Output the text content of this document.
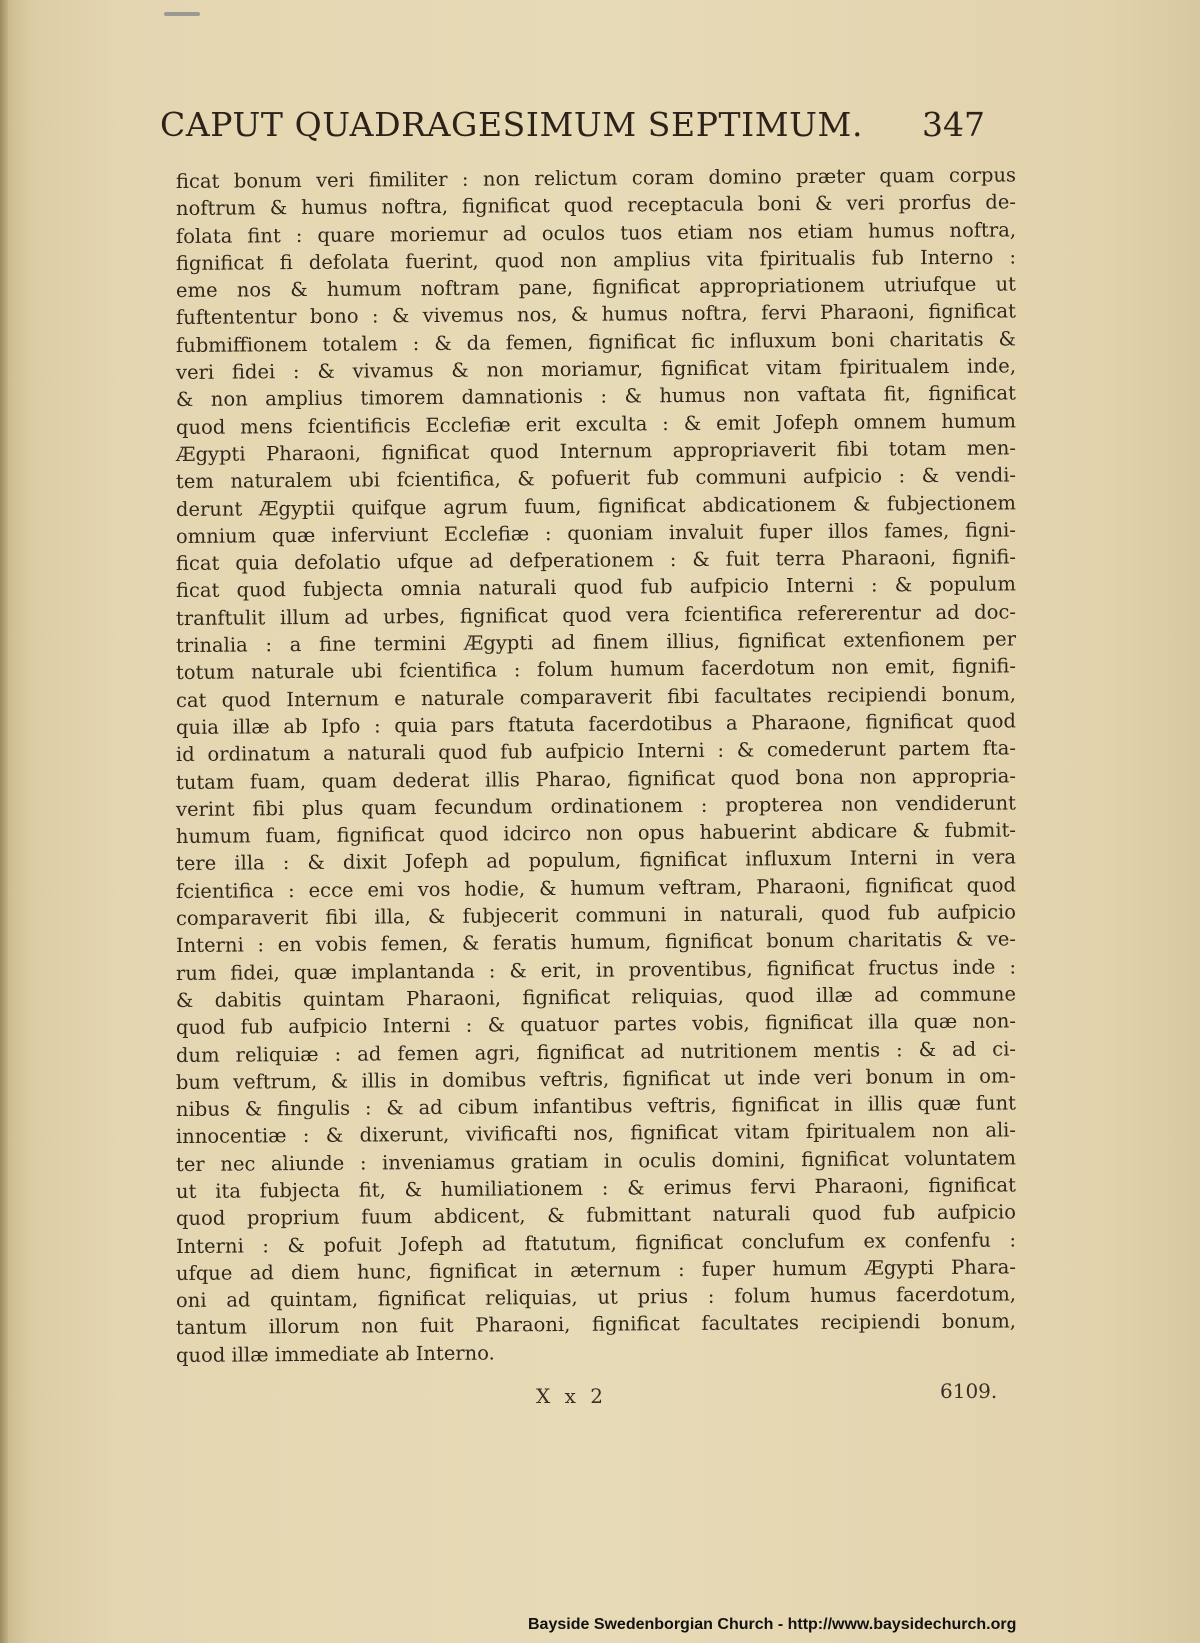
CAPUT QUADRAGESIMUM SEPTIMUM. 347
ficat bonum veri fimiliter : non relictum coram domino præter quam corpus
noftrum & humus noftra, fignificat quod receptacula boni & veri prorfus de-
folata fint : quare moriemur ad oculos tuos etiam nos etiam humus noftra,
fignificat fi defolata fuerint, quod non amplius vita fpiritualis fub Interno :
eme nos & humum noftram pane, fignificat appropriationem utriufque ut
fuftententur bono : & vivemus nos, & humus noftra, fervi Pharaoni, fignificat
fubmiffionem totalem : & da femen, fignificat fic influxum boni charitatis &
veri fidei : & vivamus & non moriamur, fignificat vitam fpiritualem inde,
& non amplius timorem damnationis : & humus non vaftata fit, fignificat
quod mens fcientificis Ecclefiæ erit exculta : & emit Jofeph omnem humum
Ægypti Pharaoni, fignificat quod Internum appropriaverit fibi totam men-
tem naturalem ubi fcientifica, & pofuerit fub communi aufpicio : & vendi-
derunt Ægyptii quifque agrum fuum, fignificat abdicationem & fubjectionem
omnium quæ inferviunt Ecclefiæ : quoniam invaluit fuper illos fames, figni-
ficat quia defolatio ufque ad defperationem : & fuit terra Pharaoni, fignifi-
ficat quod fubjecta omnia naturali quod fub aufpicio Interni : & populum
tranftulit illum ad urbes, fignificat quod vera fcientifica refererentur ad doc-
trinalia : a fine termini Ægypti ad finem illius, fignificat extenfionem per
totum naturale ubi fcientifica : folum humum facerdotum non emit, fignifi-
cat quod Internum e naturale comparaverit fibi facultates recipiendi bonum,
quia illæ ab Ipfo : quia pars ftatuta facerdotibus a Pharaone, fignificat quod
id ordinatum a naturali quod fub aufpicio Interni : & comederunt partem fta-
tutam fuam, quam dederat illis Pharao, fignificat quod bona non appropria-
verint fibi plus quam fecundum ordinationem : propterea non vendiderunt
humum fuam, fignificat quod idcirco non opus habuerint abdicare & fubmit-
tere illa : & dixit Jofeph ad populum, fignificat influxum Interni in vera
fcientifica : ecce emi vos hodie, & humum veftram, Pharaoni, fignificat quod
comparaverit fibi illa, & fubjecerit communi in naturali, quod fub aufpicio
Interni : en vobis femen, & feratis humum, fignificat bonum charitatis & ve-
rum fidei, quæ implantanda : & erit, in proventibus, fignificat fructus inde :
& dabitis quintam Pharaoni, fignificat reliquias, quod illæ ad commune
quod fub aufpicio Interni : & quatuor partes vobis, fignificat illa quæ non-
dum reliquiæ : ad femen agri, fignificat ad nutritionem mentis : & ad ci-
bum veftrum, & illis in domibus veftris, fignificat ut inde veri bonum in om-
nibus & fingulis : & ad cibum infantibus veftris, fignificat in illis quæ funt
innocentiæ : & dixerunt, vivificafti nos, fignificat vitam fpiritualem non ali-
ter nec aliunde : inveniamus gratiam in oculis domini, fignificat voluntatem
ut ita fubjecta fit, & humiliationem : & erimus fervi Pharaoni, fignificat
quod proprium fuum abdicent, & fubmittant naturali quod fub aufpicio
Interni : & pofuit Jofeph ad ftatutum, fignificat conclufum ex confenfu :
ufque ad diem hunc, fignificat in æternum : fuper humum Ægypti Phara-
oni ad quintam, fignificat reliquias, ut prius : folum humus facerdotum,
tantum illorum non fuit Pharaoni, fignificat facultates recipiendi bonum,
quod illæ immediate ab Interno.
X x 2	6109.
Bayside Swedenborgian Church - http://www.baysidechurch.org
